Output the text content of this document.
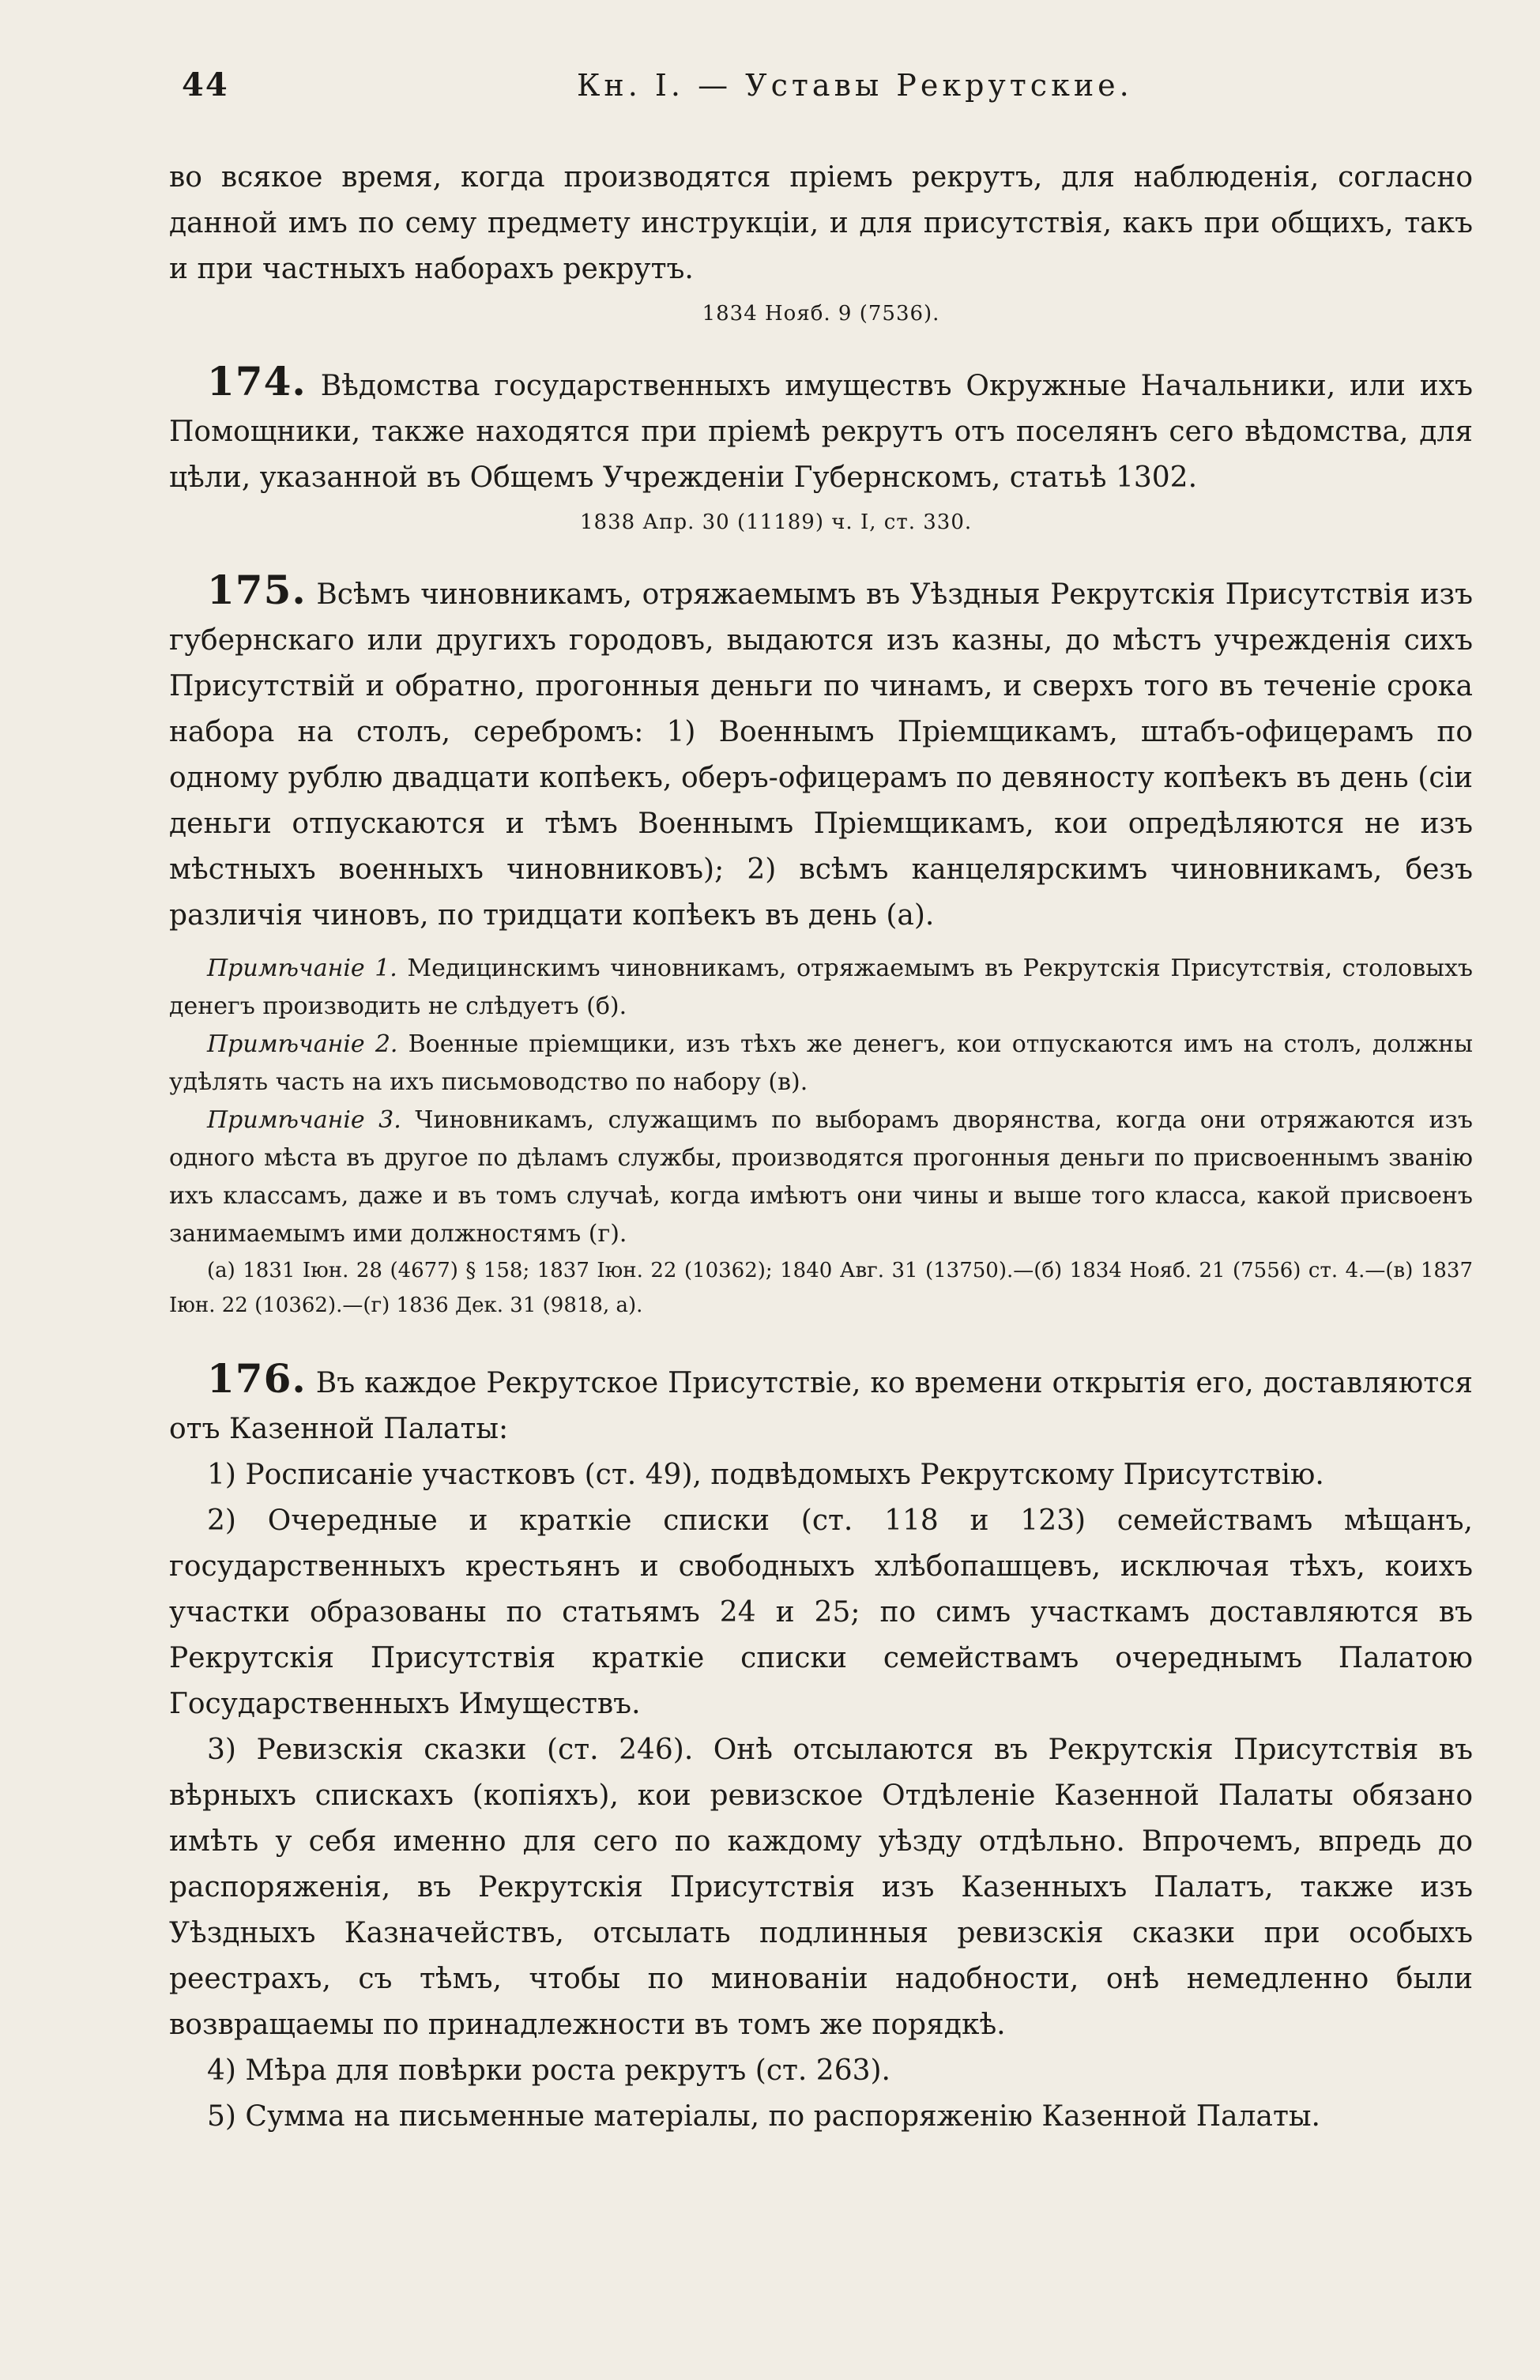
44	Кн. I. — Уставы Рекрутские.

во всякое время, когда производятся пріемъ рекрутъ, для наблюденія, согласно данной имъ по сему предмету инструкціи, и для присутствія, какъ при общихъ, такъ и при частныхъ наборахъ рекрутъ.

1834 Нояб. 9 (7536).

174. Вѣдомства государственныхъ имуществъ Окружные Начальники, или ихъ Помощники, также находятся при пріемѣ рекрутъ отъ поселянъ сего вѣдомства, для цѣли, указанной въ Общемъ Учрежденіи Губернскомъ, статьѣ 1302.

1838 Апр. 30 (11189) ч. I, ст. 330.

175. Всѣмъ чиновникамъ, отряжаемымъ въ Уѣздныя Рекрутскія Присутствія изъ губернскаго или другихъ городовъ, выдаются изъ казны, до мѣстъ учрежденія сихъ Присутствій и обратно, прогонныя деньги по чинамъ, и сверхъ того въ теченіе срока набора на столъ, серебромъ: 1) Военнымъ Пріемщикамъ, штабъ-офицерамъ по одному рублю двадцати копѣекъ, оберъ-офицерамъ по девяносту копѣекъ въ день (сіи деньги отпускаются и тѣмъ Военнымъ Пріемщикамъ, кои опредѣляются не изъ мѣстныхъ военныхъ чиновниковъ); 2) всѣмъ канцелярскимъ чиновникамъ, безъ различія чиновъ, по тридцати копѣекъ въ день (а).

Примѣчаніе 1. Медицинскимъ чиновникамъ, отряжаемымъ въ Рекрутскія Присутствія, столовыхъ денегъ производить не слѣдуетъ (б).

Примѣчаніе 2. Военные пріемщики, изъ тѣхъ же денегъ, кои отпускаются имъ на столъ, должны удѣлять часть на ихъ письмоводство по набору (в).

Примѣчаніе 3. Чиновникамъ, служащимъ по выборамъ дворянства, когда они отряжаются изъ одного мѣста въ другое по дѣламъ службы, производятся прогонныя деньги по присвоеннымъ званію ихъ классамъ, даже и въ томъ случаѣ, когда имѣютъ они чины и выше того класса, какой присвоенъ занимаемымъ ими должностямъ (г).

(а) 1831 Іюн. 28 (4677) § 158; 1837 Іюн. 22 (10362); 1840 Авг. 31 (13750).—(б) 1834 Нояб. 21 (7556) ст. 4.—(в) 1837 Іюн. 22 (10362).—(г) 1836 Дек. 31 (9818, а).

176. Въ каждое Рекрутское Присутствіе, ко времени открытія его, доставляются отъ Казенной Палаты:

1) Росписаніе участковъ (ст. 49), подвѣдомыхъ Рекрутскому Присутствію.

2) Очередные и краткіе списки (ст. 118 и 123) семействамъ мѣщанъ, государственныхъ крестьянъ и свободныхъ хлѣбопашцевъ, исключая тѣхъ, коихъ участки образованы по статьямъ 24 и 25; по симъ участкамъ доставляются въ Рекрутскія Присутствія краткіе списки семействамъ очереднымъ Палатою Государственныхъ Имуществъ.

3) Ревизскія сказки (ст. 246). Онѣ отсылаются въ Рекрутскія Присутствія въ вѣрныхъ спискахъ (копіяхъ), кои ревизское Отдѣленіе Казенной Палаты обязано имѣть у себя именно для сего по каждому уѣзду отдѣльно. Впрочемъ, впредь до распоряженія, въ Рекрутскія Присутствія изъ Казенныхъ Палатъ, также изъ Уѣздныхъ Казначействъ, отсылать подлинныя ревизскія сказки при особыхъ реестрахъ, съ тѣмъ, чтобы по минованіи надобности, онѣ немедленно были возвращаемы по принадлежности въ томъ же порядкѣ.

4) Мѣра для повѣрки роста рекрутъ (ст. 263).

5) Сумма на письменные матеріалы, по распоряженію Казенной Палаты.
